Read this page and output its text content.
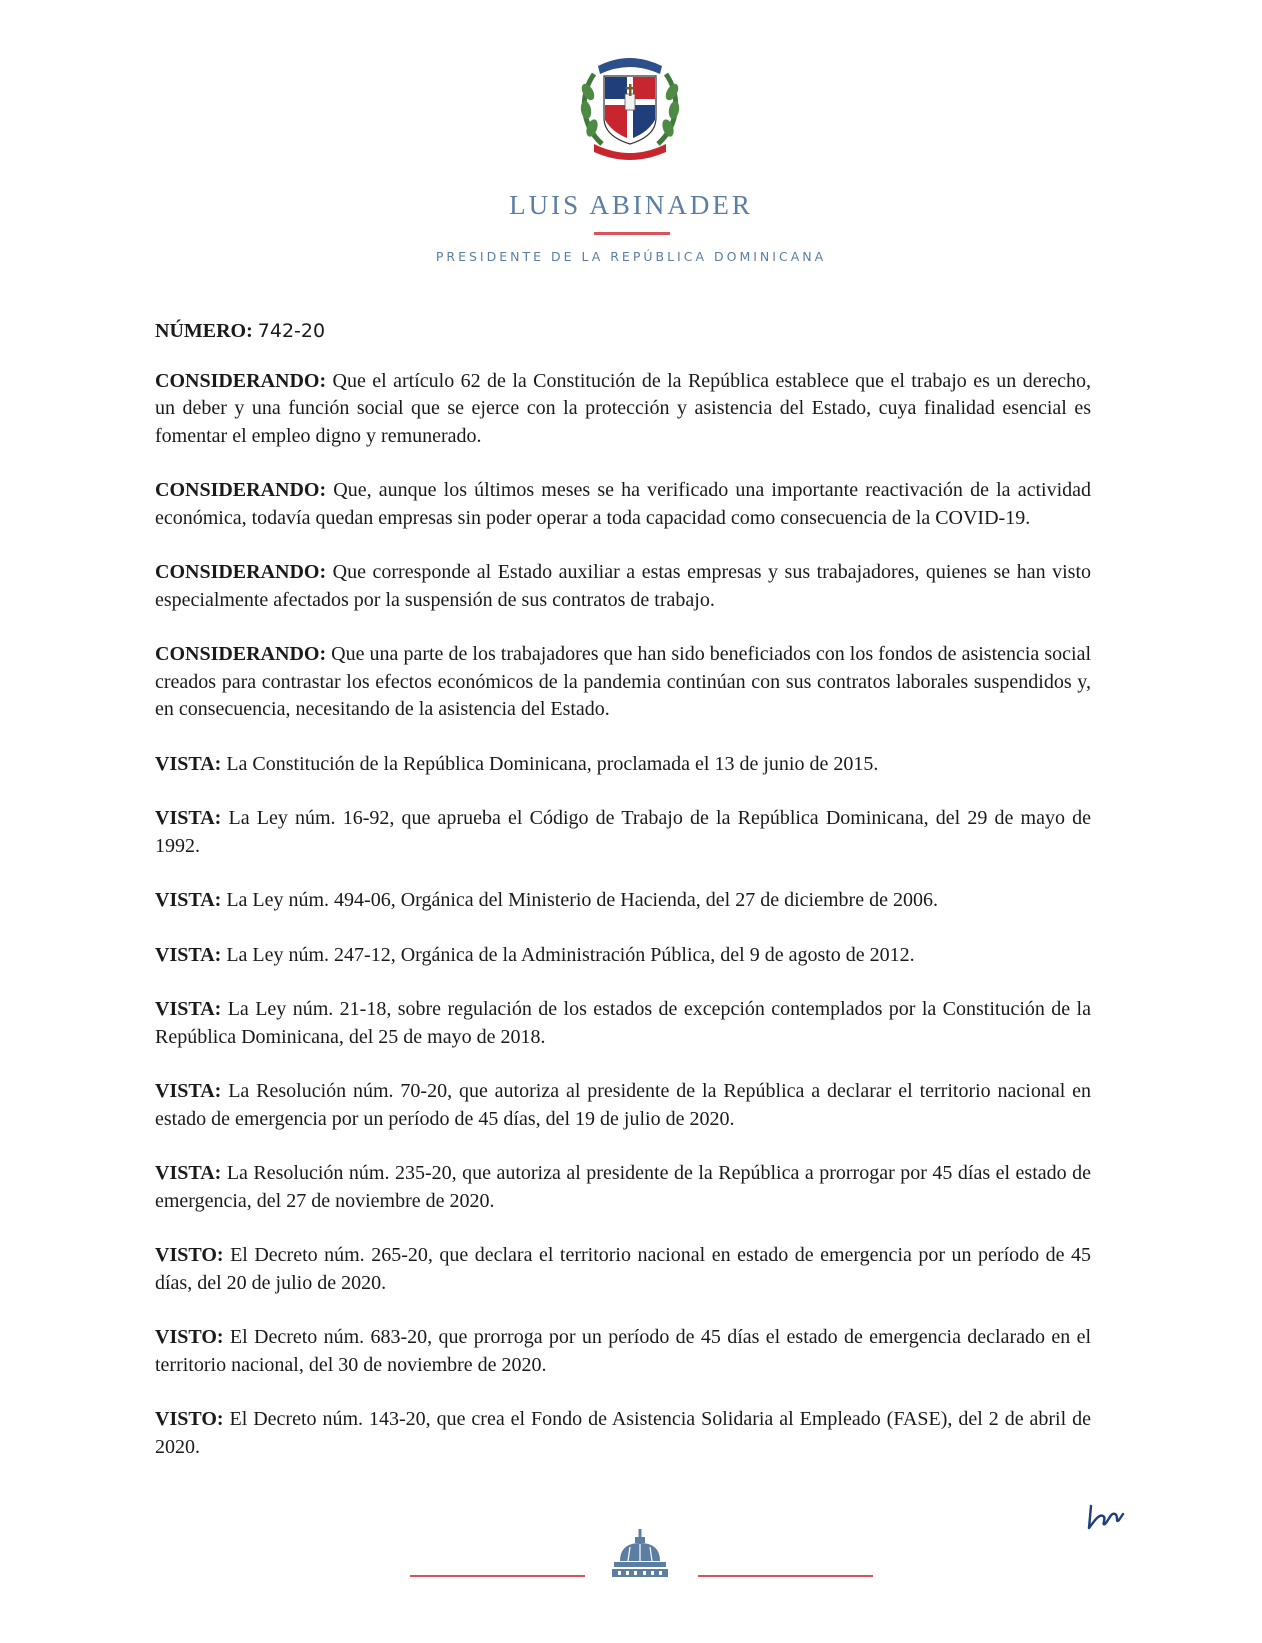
LUIS ABINADER
PRESIDENTE DE LA REPÚBLICA DOMINICANA

NÚMERO: 742-20

CONSIDERANDO: Que el artículo 62 de la Constitución de la República establece que el trabajo es un derecho, un deber y una función social que se ejerce con la protección y asistencia del Estado, cuya finalidad esencial es fomentar el empleo digno y remunerado.

CONSIDERANDO: Que, aunque los últimos meses se ha verificado una importante reactivación de la actividad económica, todavía quedan empresas sin poder operar a toda capacidad como consecuencia de la COVID-19.

CONSIDERANDO: Que corresponde al Estado auxiliar a estas empresas y sus trabajadores, quienes se han visto especialmente afectados por la suspensión de sus contratos de trabajo.

CONSIDERANDO: Que una parte de los trabajadores que han sido beneficiados con los fondos de asistencia social creados para contrastar los efectos económicos de la pandemia continúan con sus contratos laborales suspendidos y, en consecuencia, necesitando de la asistencia del Estado.

VISTA: La Constitución de la República Dominicana, proclamada el 13 de junio de 2015.

VISTA: La Ley núm. 16-92, que aprueba el Código de Trabajo de la República Dominicana, del 29 de mayo de 1992.

VISTA: La Ley núm. 494-06, Orgánica del Ministerio de Hacienda, del 27 de diciembre de 2006.

VISTA: La Ley núm. 247-12, Orgánica de la Administración Pública, del 9 de agosto de 2012.

VISTA: La Ley núm. 21-18, sobre regulación de los estados de excepción contemplados por la Constitución de la República Dominicana, del 25 de mayo de 2018.

VISTA: La Resolución núm. 70-20, que autoriza al presidente de la República a declarar el territorio nacional en estado de emergencia por un período de 45 días, del 19 de julio de 2020.

VISTA: La Resolución núm. 235-20, que autoriza al presidente de la República a prorrogar por 45 días el estado de emergencia, del 27 de noviembre de 2020.

VISTO: El Decreto núm. 265-20, que declara el territorio nacional en estado de emergencia por un período de 45 días, del 20 de julio de 2020.

VISTO: El Decreto núm. 683-20, que prorroga por un período de 45 días el estado de emergencia declarado en el territorio nacional, del 30 de noviembre de 2020.

VISTO: El Decreto núm. 143-20, que crea el Fondo de Asistencia Solidaria al Empleado (FASE), del 2 de abril de 2020.
